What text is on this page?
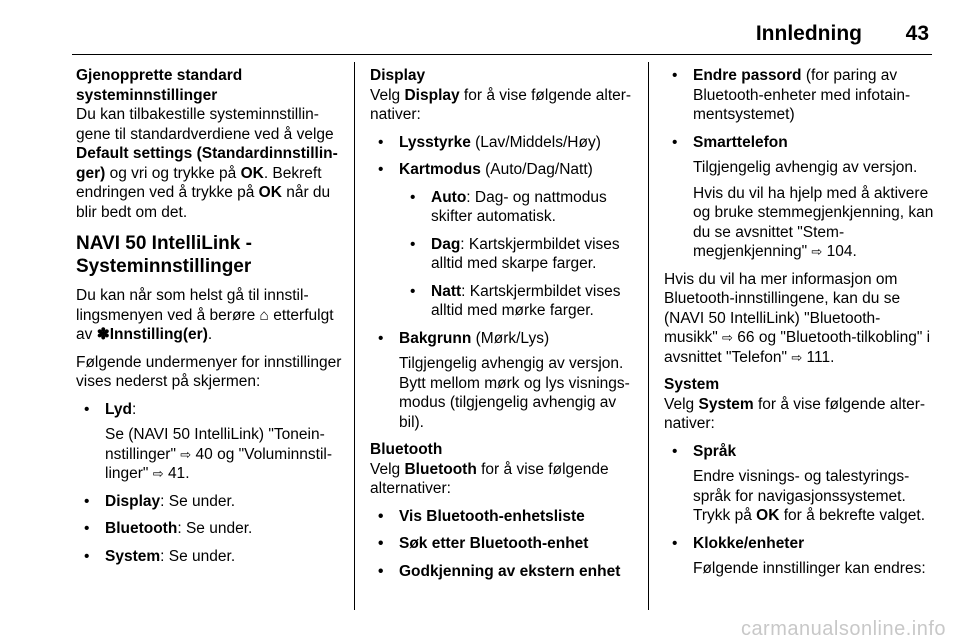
Innledning 43

Gjenopprette standard systeminnstillinger

Du kan tilbakestille systeminnstillingene til standardverdiene ved å velge Default settings (Standardinnstillinger) og vri og trykke på OK. Bekreft endringen ved å trykke på OK når du blir bedt om det.

NAVI 50 IntelliLink - Systeminnstillinger

Du kan når som helst gå til innstillingsmenyen ved å berøre ⌂ etterfulgt av ✽Innstilling(er).

Følgende undermenyer for innstillinger vises nederst på skjermen:

• Lyd:

Se (NAVI 50 IntelliLink) "Toneinnstillinger" ⇨ 40 og "Voluminnstillinger" ⇨ 41.

• Display: Se under.
• Bluetooth: Se under.
• System: Se under.

Display

Velg Display for å vise følgende alternativer:

• Lysstyrke (Lav/Middels/Høy)
• Kartmodus (Auto/Dag/Natt)
• Auto: Dag- og nattmodus skifter automatisk.
• Dag: Kartskjermbildet vises alltid med skarpe farger.
• Natt: Kartskjermbildet vises alltid med mørke farger.
• Bakgrunn (Mørk/Lys)

Tilgjengelig avhengig av versjon. Bytt mellom mørk og lys visningsmodus (tilgjengelig avhengig av bil).

Bluetooth

Velg Bluetooth for å vise følgende alternativer:

• Vis Bluetooth-enhetsliste
• Søk etter Bluetooth-enhet
• Godkjenning av ekstern enhet
• Endre passord (for paring av Bluetooth-enheter med infotainmentsystemet)
• Smarttelefon

Tilgjengelig avhengig av versjon.

Hvis du vil ha hjelp med å aktivere og bruke stemmegjenkjenning, kan du se avsnittet "Stemmegjenkjenning" ⇨ 104.

Hvis du vil ha mer informasjon om Bluetooth-innstillingene, kan du se (NAVI 50 IntelliLink) "Bluetooth-musikk" ⇨ 66 og "Bluetooth-tilkobling" i avsnittet "Telefon" ⇨ 111.

System

Velg System for å vise følgende alternativer:

• Språk

Endre visnings- og talestyringsspråk for navigasjonssystemet. Trykk på OK for å bekrefte valget.

• Klokke/enheter

Følgende innstillinger kan endres:

carmanualsonline.info
